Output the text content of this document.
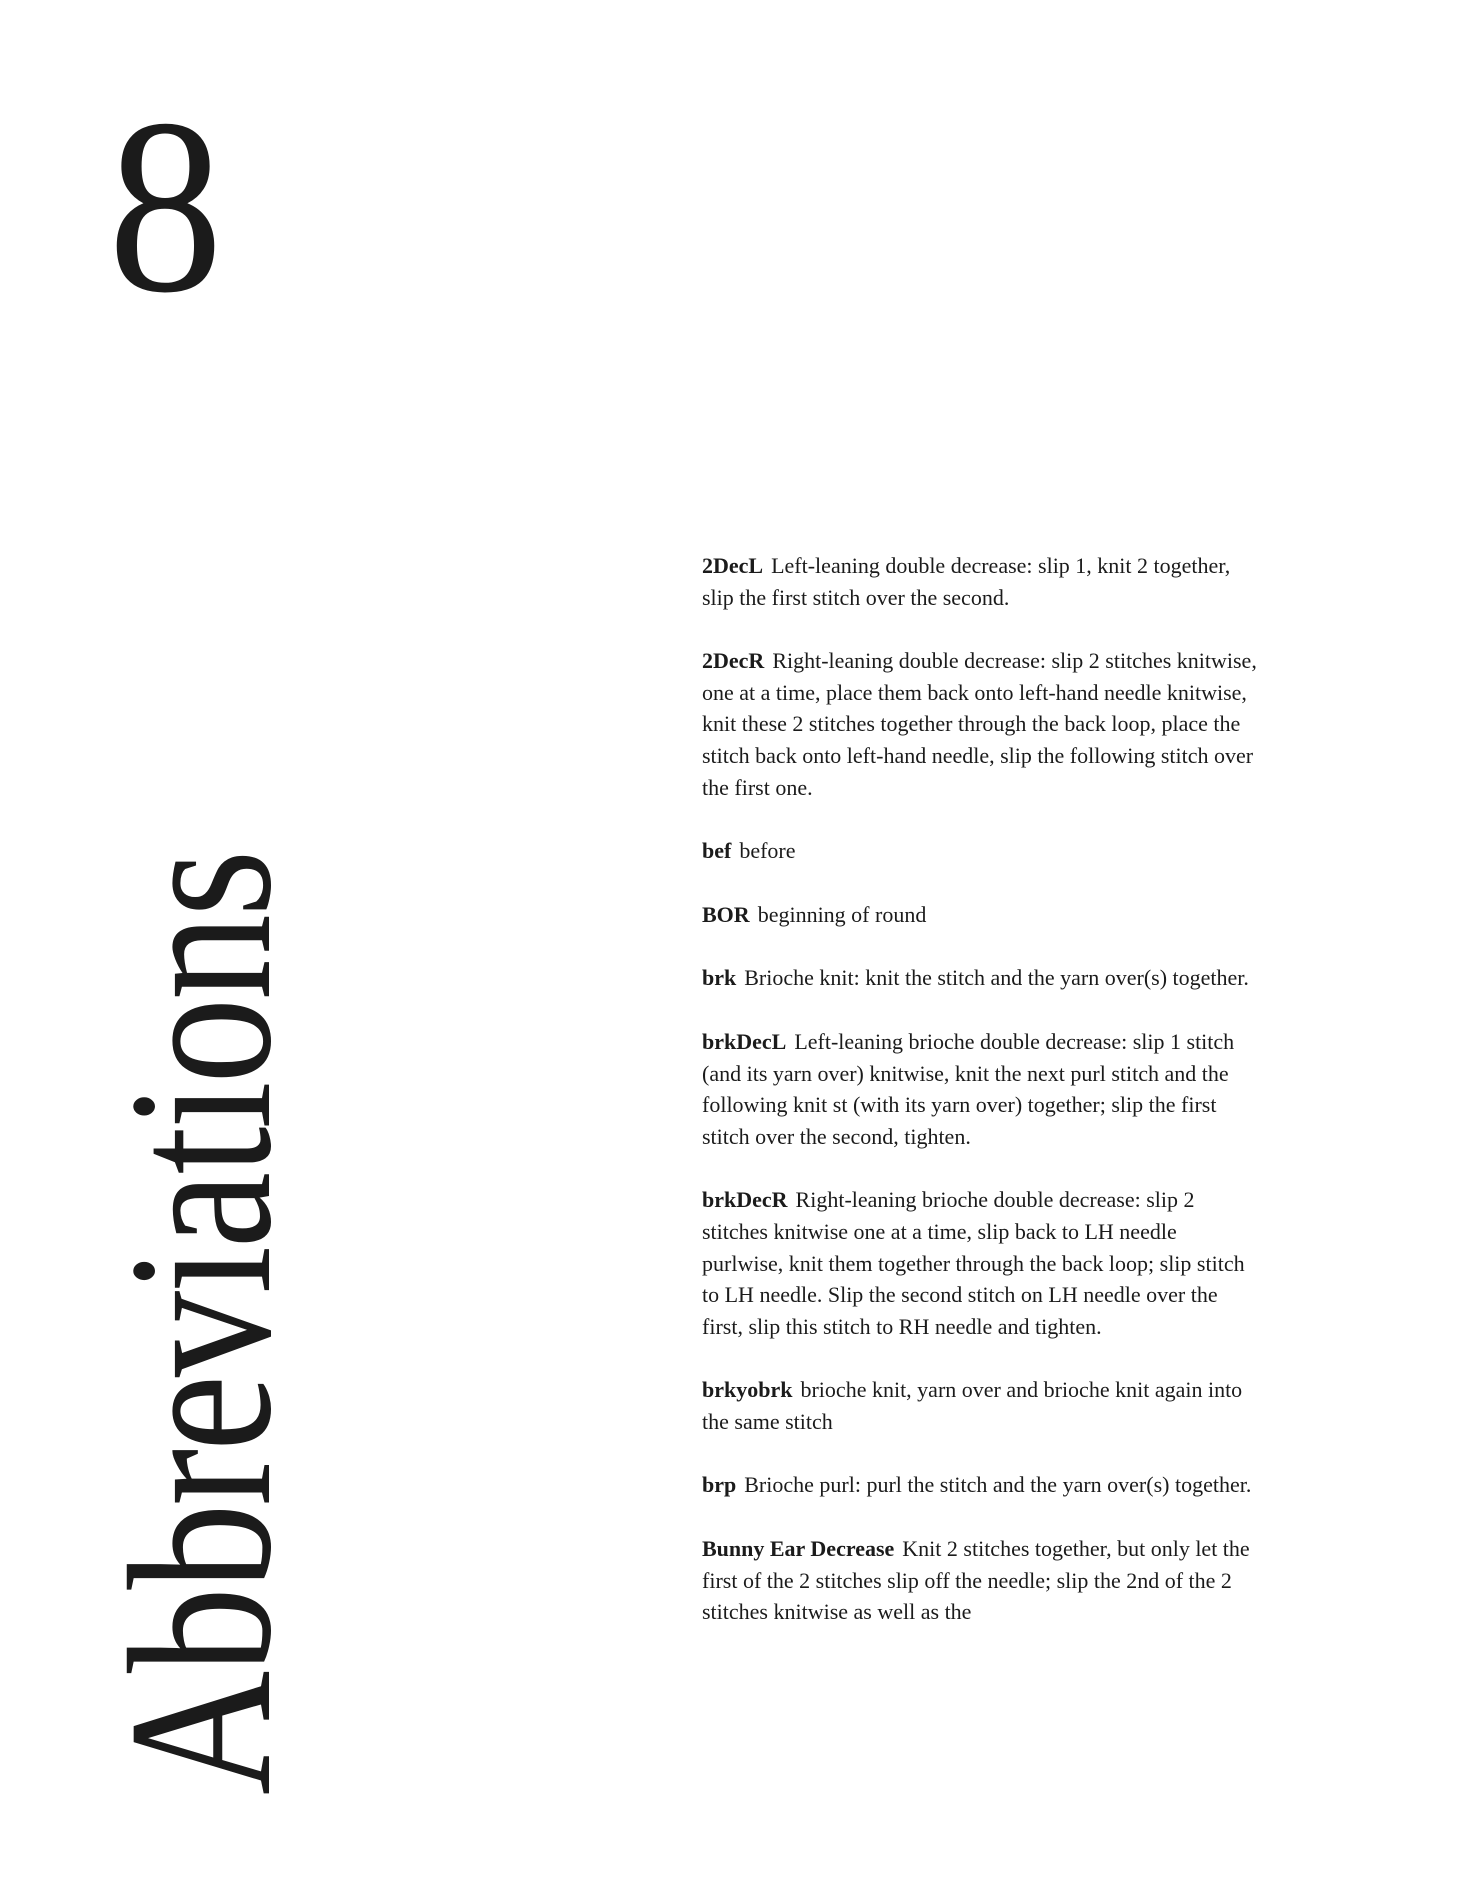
8
Abbreviations
2DecL Left-leaning double decrease: slip 1, knit 2 together, slip the first stitch over the second.
2DecR Right-leaning double decrease: slip 2 stitches knitwise, one at a time, place them back onto left-hand needle knitwise, knit these 2 stitches together through the back loop, place the stitch back onto left-hand needle, slip the following stitch over the first one.
bef before
BOR beginning of round
brk Brioche knit: knit the stitch and the yarn over(s) together.
brkDecL Left-leaning brioche double decrease: slip 1 stitch (and its yarn over) knitwise, knit the next purl stitch and the following knit st (with its yarn over) together; slip the first stitch over the second, tighten.
brkDecR Right-leaning brioche double decrease: slip 2 stitches knitwise one at a time, slip back to LH needle purlwise, knit them together through the back loop; slip stitch to LH needle. Slip the second stitch on LH needle over the first, slip this stitch to RH needle and tighten.
brkyobrk brioche knit, yarn over and brioche knit again into the same stitch
brp Brioche purl: purl the stitch and the yarn over(s) together.
Bunny Ear Decrease Knit 2 stitches together, but only let the first of the 2 stitches slip off the needle; slip the 2nd of the 2 stitches knitwise as well as the
